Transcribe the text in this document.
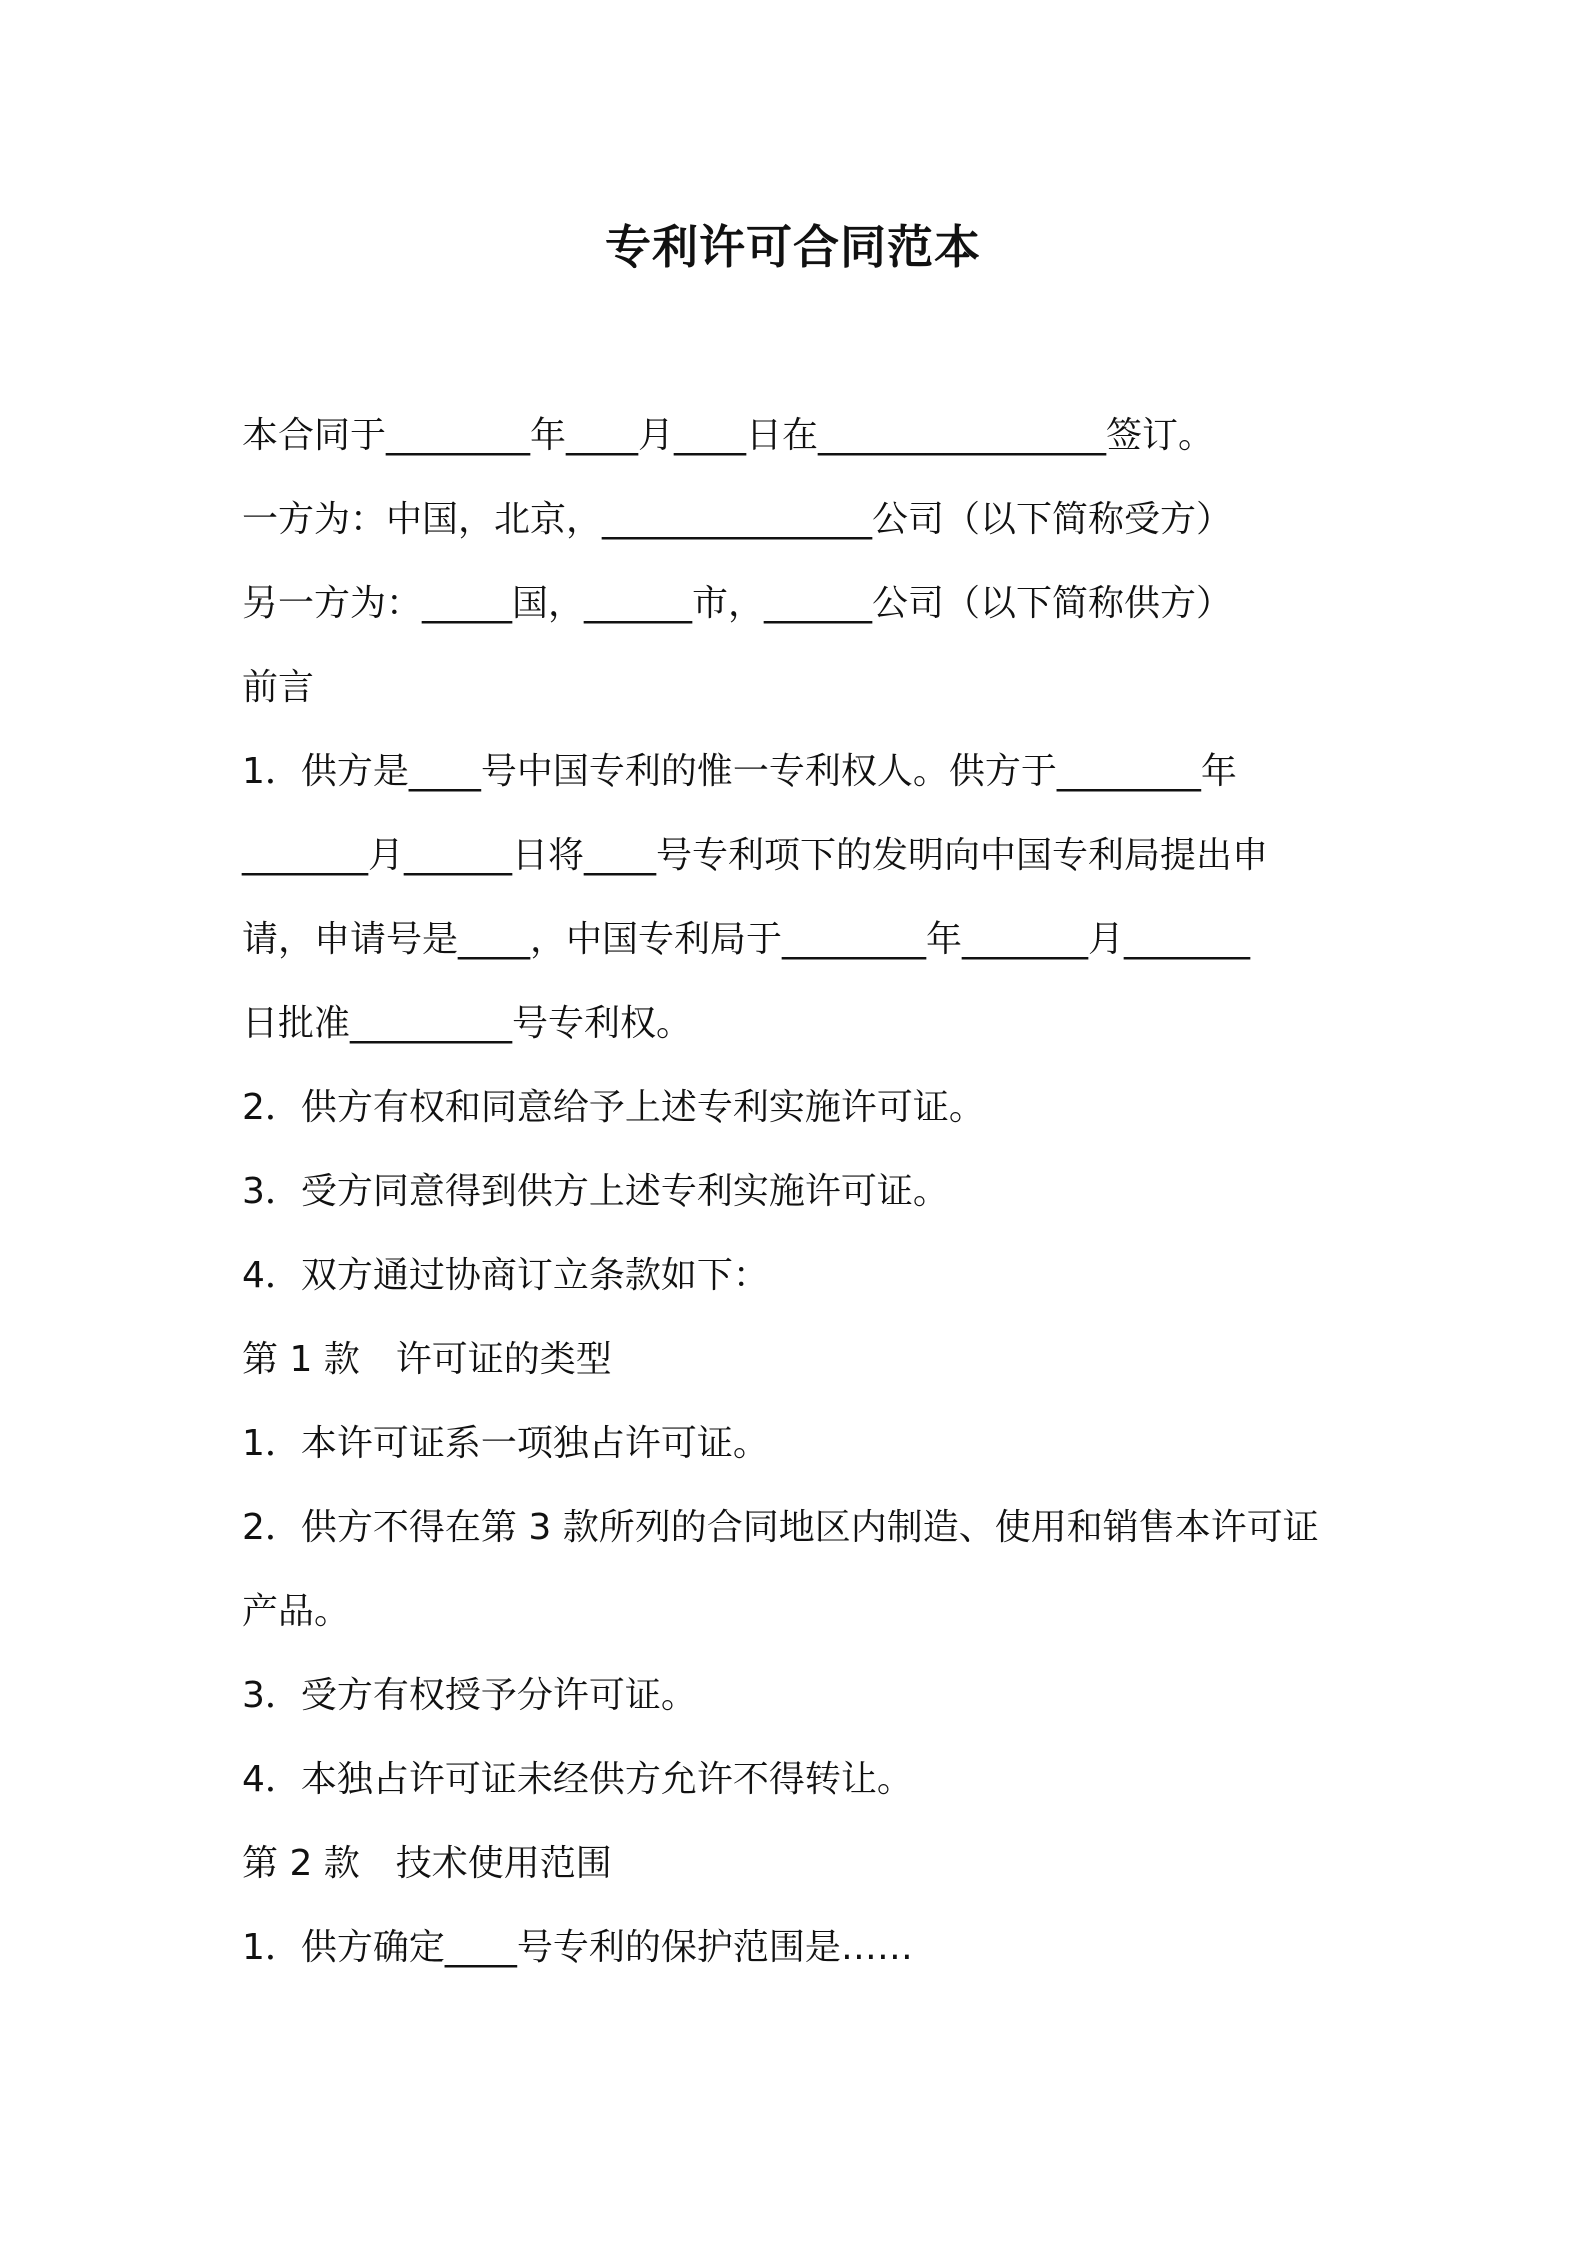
专利许可合同范本

本合同于________年____月____日在________________签订。

一方为：中国，北京，_______________公司（以下简称受方）

另一方为：_____国，______市，______公司（以下简称供方）

前言

1．供方是____号中国专利的惟一专利权人。供方于________年

_______月______日将____号专利项下的发明向中国专利局提出申

请，申请号是____，中国专利局于________年_______月_______

日批准_________号专利权。

2．供方有权和同意给予上述专利实施许可证。

3．受方同意得到供方上述专利实施许可证。

4．双方通过协商订立条款如下：

第 1 款　许可证的类型

1．本许可证系一项独占许可证。

2．供方不得在第 3 款所列的合同地区内制造、使用和销售本许可证

产品。

3．受方有权授予分许可证。

4．本独占许可证未经供方允许不得转让。

第 2 款　技术使用范围

1．供方确定____号专利的保护范围是……
